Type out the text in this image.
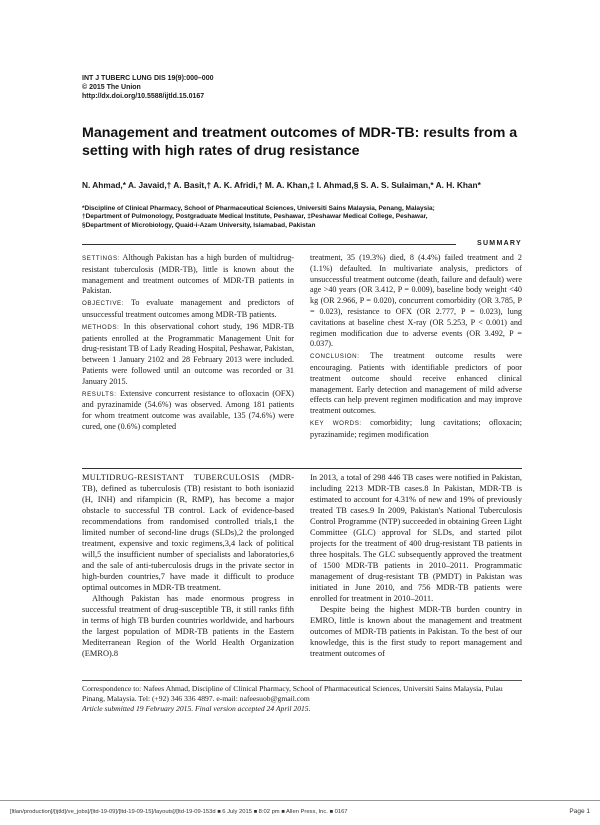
INT J TUBERC LUNG DIS 19(9):000–000
© 2015 The Union
http://dx.doi.org/10.5588/ijtld.15.0167
Management and treatment outcomes of MDR-TB: results from a setting with high rates of drug resistance
N. Ahmad,* A. Javaid,† A. Basit,† A. K. Afridi,† M. A. Khan,‡ I. Ahmad,§ S. A. S. Sulaiman,* A. H. Khan*
*Discipline of Clinical Pharmacy, School of Pharmaceutical Sciences, Universiti Sains Malaysia, Penang, Malaysia;
†Department of Pulmonology, Postgraduate Medical Institute, Peshawar, ‡Peshawar Medical College, Peshawar,
§Department of Microbiology, Quaid-i-Azam University, Islamabad, Pakistan
SUMMARY

SETTINGS: Although Pakistan has a high burden of multidrug-resistant tuberculosis (MDR-TB), little is known about the management and treatment outcomes of MDR-TB patients in Pakistan.

OBJECTIVE: To evaluate management and predictors of unsuccessful treatment outcomes among MDR-TB patients.

METHODS: In this observational cohort study, 196 MDR-TB patients enrolled at the Programmatic Management Unit for drug-resistant TB of Lady Reading Hospital, Peshawar, Pakistan, between 1 January 2102 and 28 February 2013 were included. Patients were followed until an outcome was recorded or 31 January 2015.

RESULTS: Extensive concurrent resistance to ofloxacin (OFX) and pyrazinamide (54.6%) was observed. Among 181 patients for whom treatment outcome was available, 135 (74.6%) were cured, one (0.6%) completed

treatment, 35 (19.3%) died, 8 (4.4%) failed treatment and 2 (1.1%) defaulted. In multivariate analysis, predictors of unsuccessful treatment outcome (death, failure and default) were age >40 years (OR 3.412, P = 0.009), baseline body weight <40 kg (OR 2.966, P = 0.020), concurrent comorbidity (OR 3.785, P = 0.023), resistance to OFX (OR 2.777, P = 0.023), lung cavitations at baseline chest X-ray (OR 5.253, P < 0.001) and regimen modification due to adverse events (OR 3.492, P = 0.037).

CONCLUSION: The treatment outcome results were encouraging. Patients with identifiable predictors of poor treatment outcome should receive enhanced clinical management. Early detection and management of mild adverse effects can help prevent regimen modification and may improve treatment outcomes.

KEY WORDS: comorbidity; lung cavitations; ofloxacin; pyrazinamide; regimen modification

MULTIDRUG-RESISTANT TUBERCULOSIS (MDR-TB), defined as tuberculosis (TB) resistant to both isoniazid (H, INH) and rifampicin (R, RMP), has become a major obstacle to successful TB control. Lack of evidence-based recommendations from randomised controlled trials,1 the limited number of second-line drugs (SLDs),2 the prolonged treatment, expensive and toxic regimens,3,4 lack of political will,5 the insufficient number of specialists and laboratories,6 and the sale of anti-tuberculosis drugs in the private sector in high-burden countries,7 have made it difficult to produce optimal outcomes in MDR-TB treatment.

Although Pakistan has made enormous progress in successful treatment of drug-susceptible TB, it still ranks fifth in terms of high TB burden countries worldwide, and harbours the largest population of MDR-TB patients in the Eastern Mediterranean Region of the World Health Organization (EMRO).8

In 2013, a total of 298 446 TB cases were notified in Pakistan, including 2213 MDR-TB cases.8 In Pakistan, MDR-TB is estimated to account for 4.31% of new and 19% of previously treated TB cases.9 In 2009, Pakistan's National Tuberculosis Control Programme (NTP) succeeded in obtaining Green Light Committee (GLC) approval for SLDs, and started pilot projects for the treatment of 400 drug-resistant TB patients in three hospitals. The GLC subsequently approved the treatment of 1500 MDR-TB patients in 2010–2011. Programmatic management of drug-resistant TB (PMDT) in Pakistan was initiated in June 2010, and 756 MDR-TB patients were enrolled for treatment in 2010–2011.

Despite being the highest MDR-TB burden country in EMRO, little is known about the management and treatment outcomes of MDR-TB patients in Pakistan. To the best of our knowledge, this is the first study to report management and treatment outcomes of

Correspondence to: Nafees Ahmad, Discipline of Clinical Pharmacy, School of Pharmaceutical Sciences, Universiti Sains Malaysia, Pulau Pinang, Malaysia. Tel: (+92) 346 336 4897. e-mail: nafeesuob@gmail.com

Article submitted 19 February 2015. Final version accepted 24 April 2015.

[ltlan/production]/[ijtld]/ve_jobs]/[ltd-19-09]/[ltd-19-09-15]/layouts]/[ltd-19-09-153d ■ 6 July 2015 ■ 8:02 pm ■ Allen Press, Inc. ■ 0167	Page 1
